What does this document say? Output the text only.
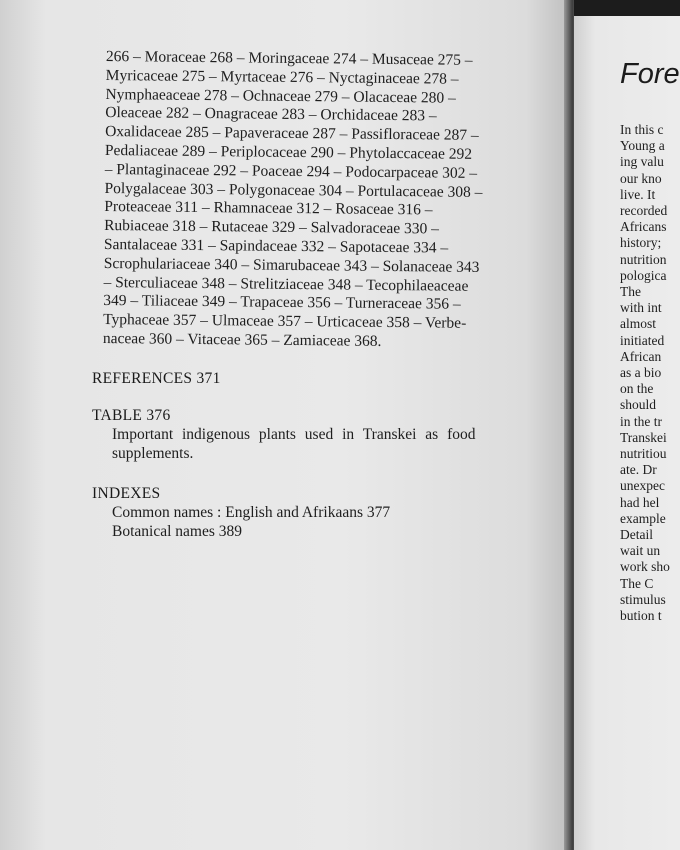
266 – Moraceae 268 – Moringaceae 274 – Musaceae 275 –
Myricaceae 275 – Myrtaceae 276 – Nyctaginaceae 278 –
Nymphaeaceae 278 – Ochnaceae 279 – Olacaceae 280 –
Oleaceae 282 – Onagraceae 283 – Orchidaceae 283 –
Oxalidaceae 285 – Papaveraceae 287 – Passifloraceae 287 –
Pedaliaceae 289 – Periplocaceae 290 – Phytolaccaceae 292
– Plantaginaceae 292 – Poaceae 294 – Podocarpaceae 302 –
Polygalaceae 303 – Polygonaceae 304 – Portulacaceae 308 –
Proteaceae 311 – Rhamnaceae 312 – Rosaceae 316 –
Rubiaceae 318 – Rutaceae 329 – Salvadoraceae 330 –
Santalaceae 331 – Sapindaceae 332 – Sapotaceae 334 –
Scrophulariaceae 340 – Simarubaceae 343 – Solanaceae 343
– Sterculiaceae 348 – Strelitziaceae 348 – Tecophilaeaceae
349 – Tiliaceae 349 – Trapaceae 356 – Turneraceae 356 –
Typhaceae 357 – Ulmaceae 357 – Urticaceae 358 – Verbe-
naceae 360 – Vitaceae 365 – Zamiaceae 368.
REFERENCES 371
TABLE 376
Important indigenous plants used in Transkei as food
supplements.
INDEXES
Common names : English and Afrikaans 377
Botanical names 389
Fore
In this c
Young a
ing valu
our kno
live. It
recorded
Africans
history;
nutrition
pologica
The
with int
almost
initiated
African
as a bio
on the
should
in the tr
Transkei
nutritiou
ate. Dr
unexpec
had hel
example
Detail
wait un
work sho
The C
stimulus
bution t
